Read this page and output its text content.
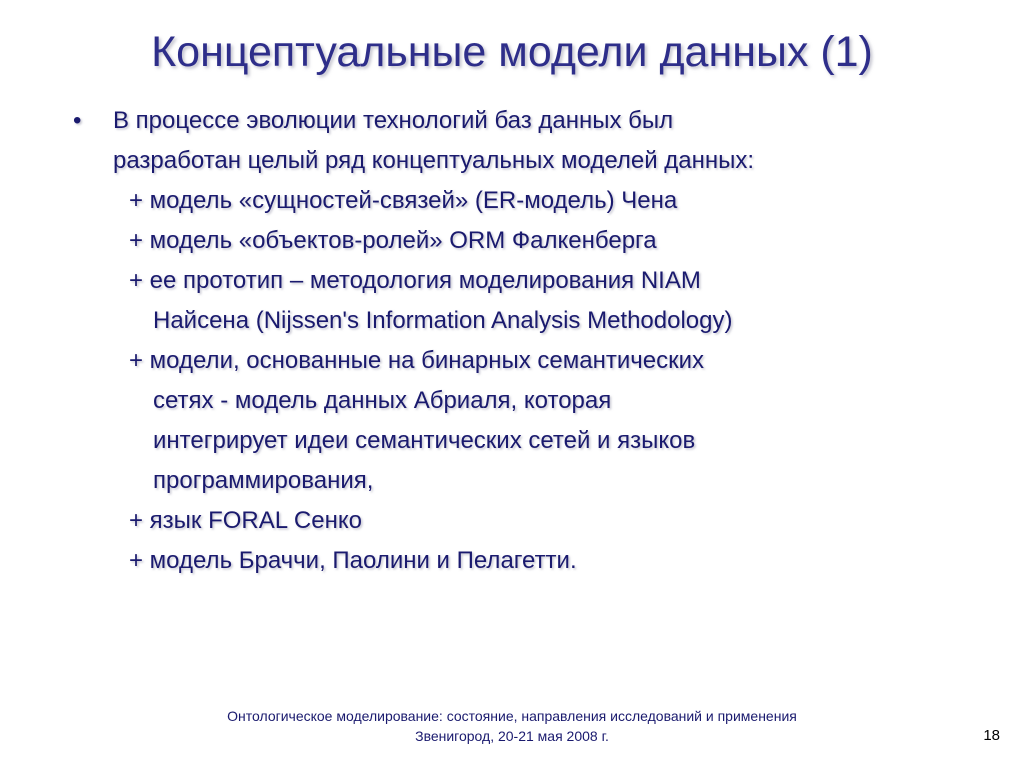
Концептуальные модели данных (1)
• В процессе эволюции технологий баз данных был
разработан целый ряд концептуальных моделей данных:
+ модель «сущностей-связей» (ER-модель) Чена
+ модель «объектов-ролей» ORM Фалкенберга
+ ее прототип – методология моделирования NIAM
Найсена (Nijssen's Information Analysis Methodology)
+ модели, основанные на бинарных семантических
сетях - модель данных Абриаля, которая
интегрирует идеи семантических сетей и языков
программирования,
+ язык FORAL Сенко
+ модель Браччи, Паолини и Пелагетти.
Онтологическое моделирование: состояние, направления исследований и применения
Звенигород, 20-21 мая 2008 г.	18
